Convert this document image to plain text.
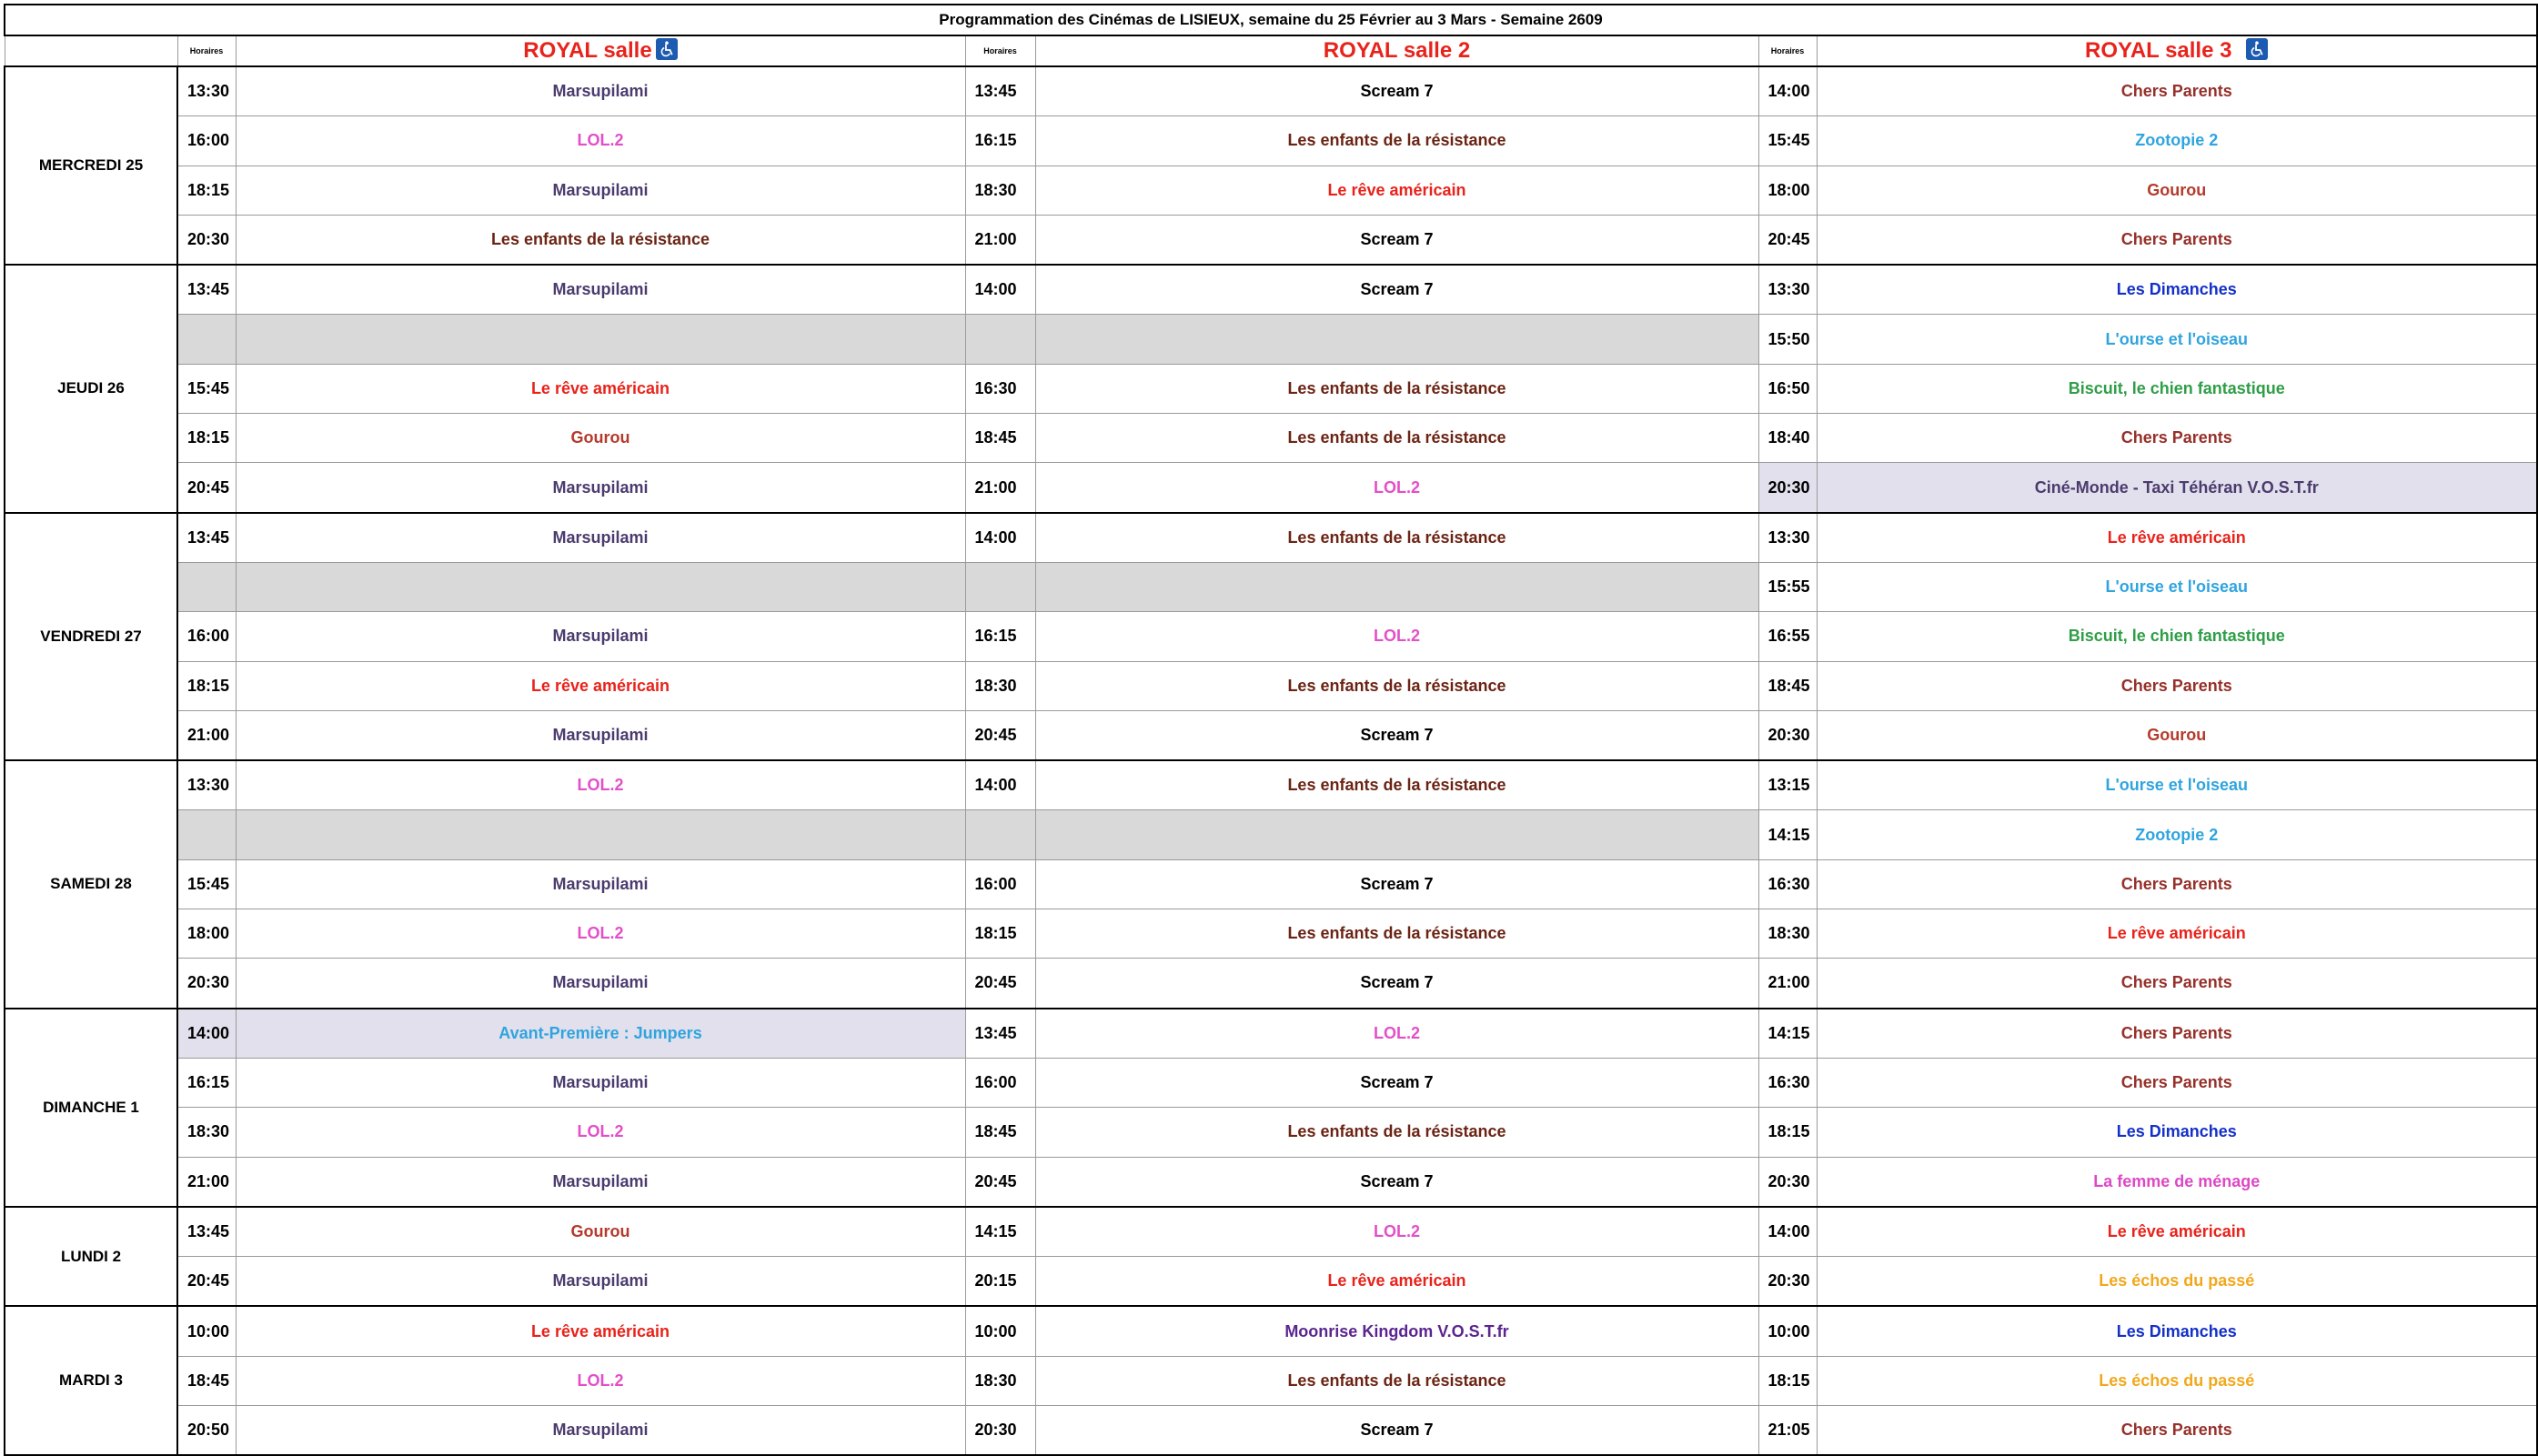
Programmation des Cinémas de LISIEUX, semaine du 25 Février au 3 Mars - Semaine 2609						
	Horaires	ROYAL salle	Horaires	ROYAL salle 2	Horaires	ROYAL salle 3

MERCREDI 25	13:30	Marsupilami	13:45	Scream 7	14:00	Chers Parents
	16:00	LOL.2	16:15	Les enfants de la résistance	15:45	Zootopie 2
	18:15	Marsupilami	18:30	Le rêve américain	18:00	Gourou
	20:30	Les enfants de la résistance	21:00	Scream 7	20:45	Chers Parents
JEUDI 26	13:45	Marsupilami	14:00	Scream 7	13:30	Les Dimanches
					15:50	L'ourse et l'oiseau
	15:45	Le rêve américain	16:30	Les enfants de la résistance	16:50	Biscuit, le chien fantastique
	18:15	Gourou	18:45	Les enfants de la résistance	18:40	Chers Parents
	20:45	Marsupilami	21:00	LOL.2	20:30	Ciné-Monde - Taxi Téhéran V.O.S.T.fr
VENDREDI 27	13:45	Marsupilami	14:00	Les enfants de la résistance	13:30	Le rêve américain
					15:55	L'ourse et l'oiseau
	16:00	Marsupilami	16:15	LOL.2	16:55	Biscuit, le chien fantastique
	18:15	Le rêve américain	18:30	Les enfants de la résistance	18:45	Chers Parents
	21:00	Marsupilami	20:45	Scream 7	20:30	Gourou
SAMEDI 28	13:30	LOL.2	14:00	Les enfants de la résistance	13:15	L'ourse et l'oiseau
					14:15	Zootopie 2
	15:45	Marsupilami	16:00	Scream 7	16:30	Chers Parents
	18:00	LOL.2	18:15	Les enfants de la résistance	18:30	Le rêve américain
	20:30	Marsupilami	20:45	Scream 7	21:00	Chers Parents
DIMANCHE 1	14:00	Avant-Première : Jumpers	13:45	LOL.2	14:15	Chers Parents
	16:15	Marsupilami	16:00	Scream 7	16:30	Chers Parents
	18:30	LOL.2	18:45	Les enfants de la résistance	18:15	Les Dimanches
	21:00	Marsupilami	20:45	Scream 7	20:30	La femme de ménage
LUNDI 2	13:45	Gourou	14:15	LOL.2	14:00	Le rêve américain
	20:45	Marsupilami	20:15	Le rêve américain	20:30	Les échos du passé
MARDI 3	10:00	Le rêve américain	10:00	Moonrise Kingdom V.O.S.T.fr	10:00	Les Dimanches
	18:45	LOL.2	18:30	Les enfants de la résistance	18:15	Les échos du passé
	20:50	Marsupilami	20:30	Scream 7	21:05	Chers Parents
